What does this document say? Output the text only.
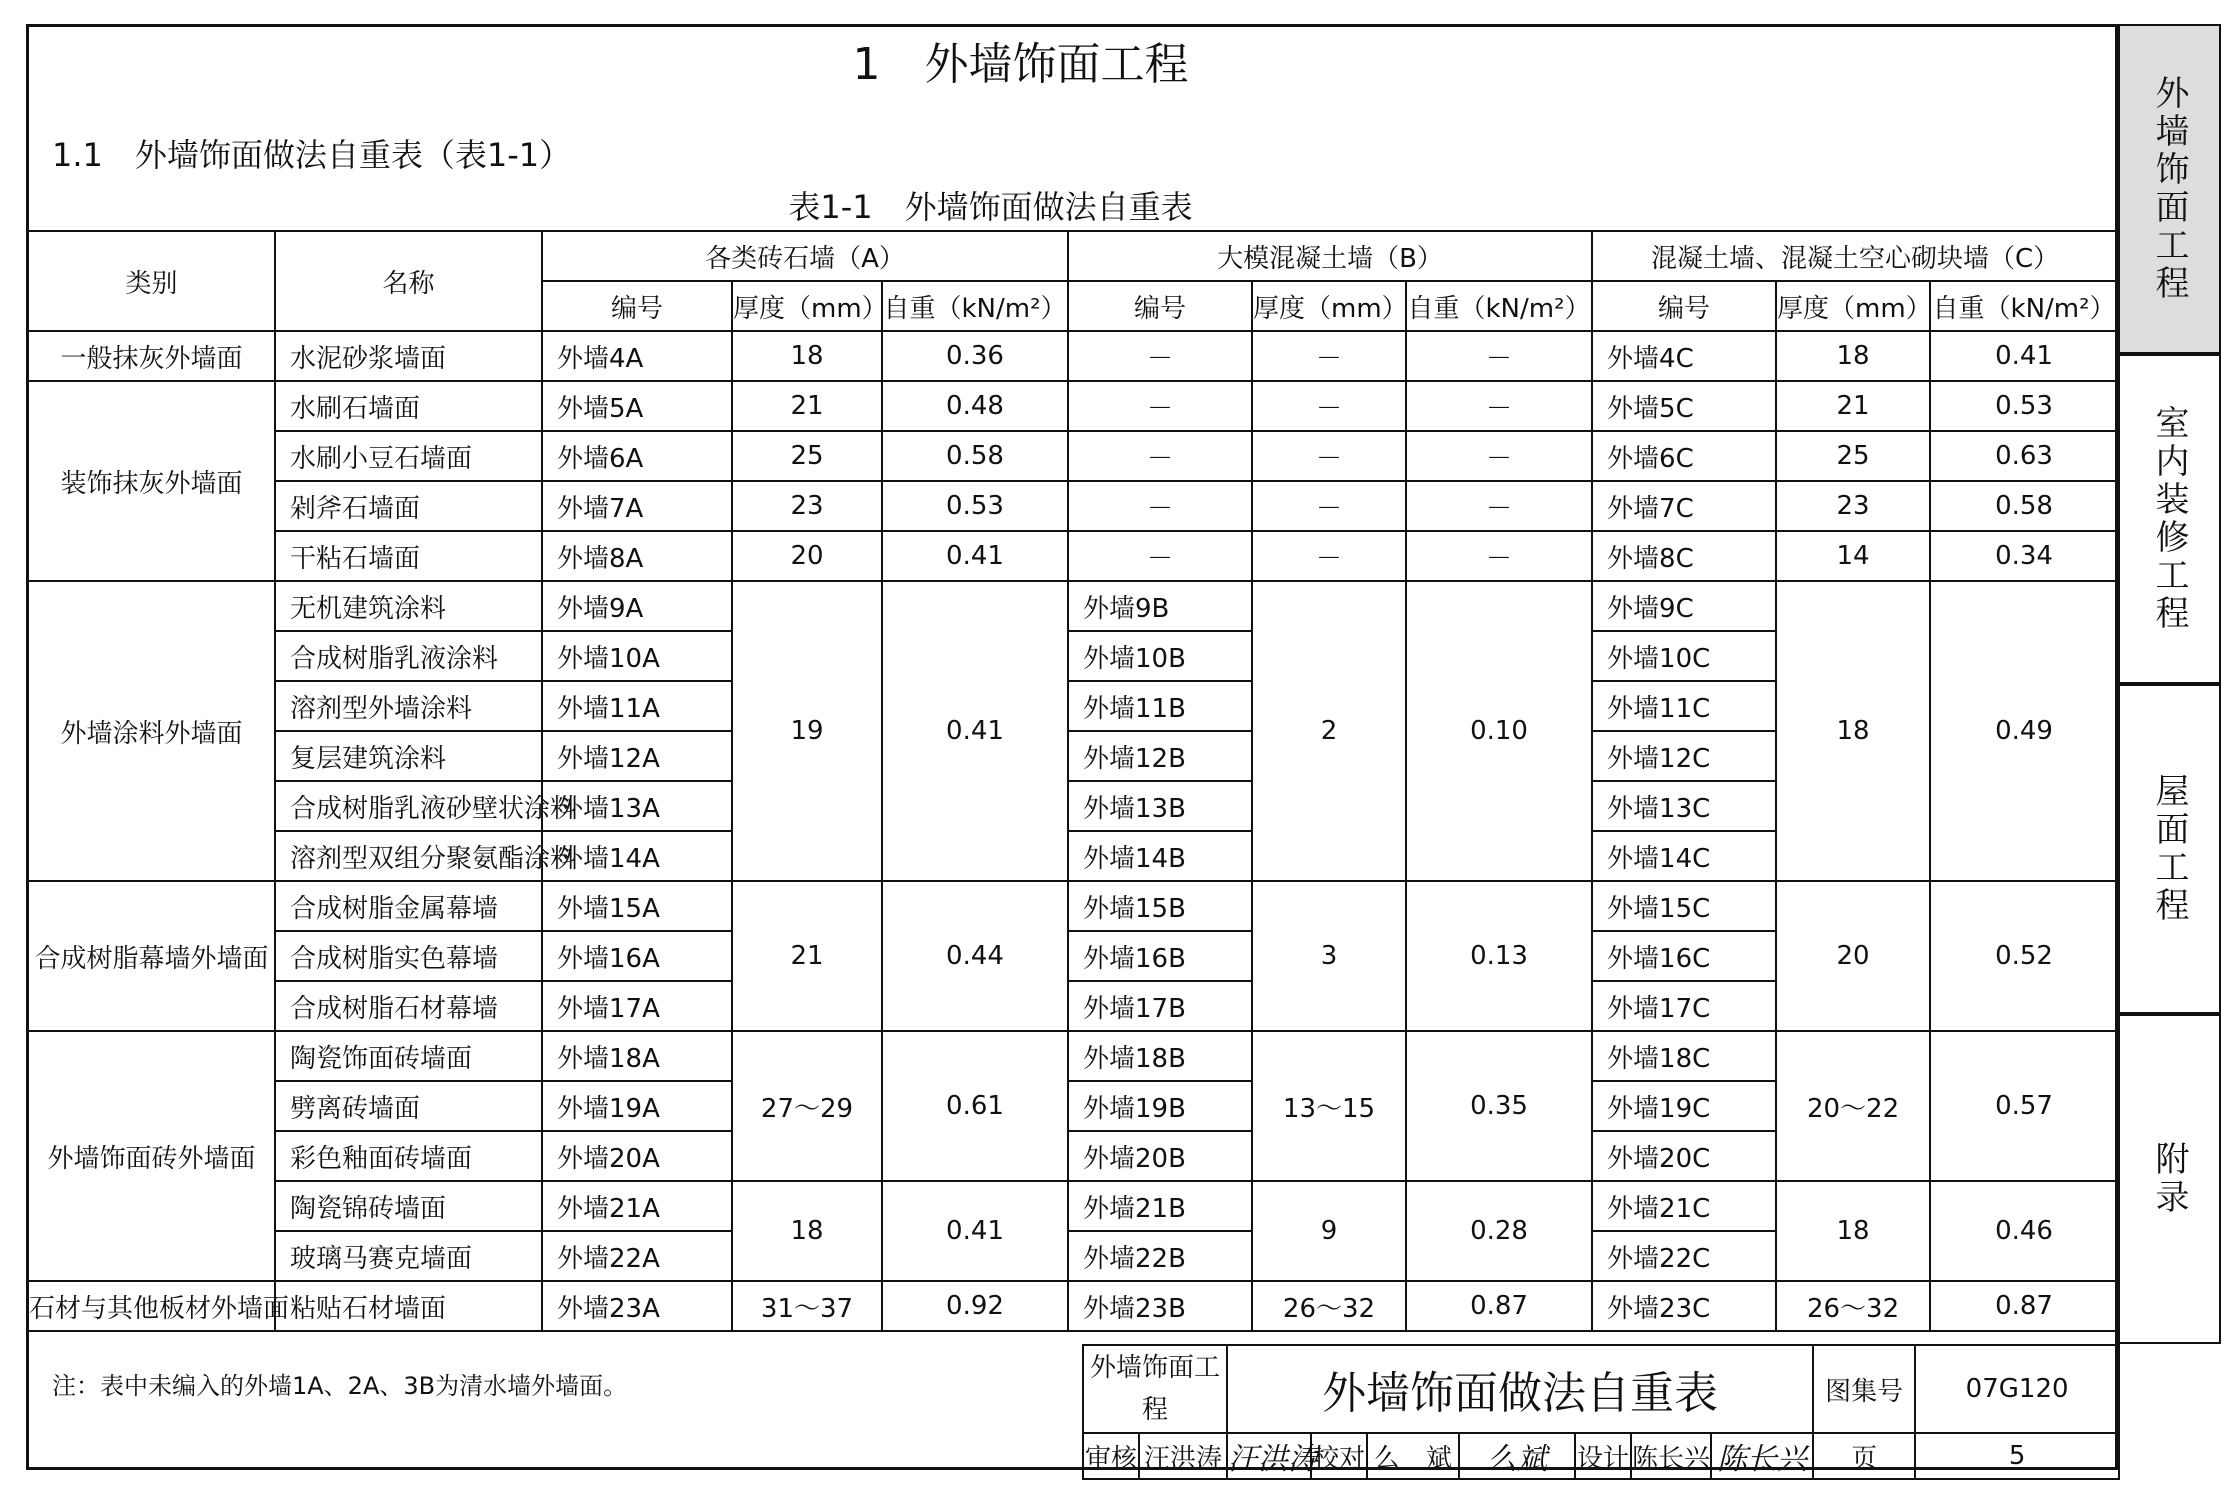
外墙饰面工程
室内装修工程
屋面工程
附录
1　外墙饰面工程
1.1　外墙饰面做法自重表（表1-1）
表1-1　外墙饰面做法自重表
类别	名称	各类砖石墙（A）			大模混凝土墙（B）			混凝土墙、混凝土空心砌块墙（C）		
		编号	厚度（mm）	自重（kN/m²）	编号	厚度（mm）	自重（kN/m²）	编号	厚度（mm）	自重（kN/m²）
一般抹灰外墙面	水泥砂浆墙面	外墙4A	18	0.36	－	－	－	外墙4C	18	0.41
装饰抹灰外墙面	水刷石墙面	外墙5A	21	0.48	－	－	－	外墙5C	21	0.53
	水刷小豆石墙面	外墙6A	25	0.58	－	－	－	外墙6C	25	0.63
	剁斧石墙面	外墙7A	23	0.53	－	－	－	外墙7C	23	0.58
	干粘石墙面	外墙8A	20	0.41	－	－	－	外墙8C	14	0.34
外墙涂料外墙面	无机建筑涂料	外墙9A	19	0.41	外墙9B	2	0.10	外墙9C	18	0.49
	合成树脂乳液涂料	外墙10A			外墙10B			外墙10C		
	溶剂型外墙涂料	外墙11A			外墙11B			外墙11C		
	复层建筑涂料	外墙12A			外墙12B			外墙12C		
	合成树脂乳液砂壁状涂料	外墙13A			外墙13B			外墙13C		
	溶剂型双组分聚氨酯涂料	外墙14A			外墙14B			外墙14C		
合成树脂幕墙外墙面	合成树脂金属幕墙	外墙15A	21	0.44	外墙15B	3	0.13	外墙15C	20	0.52
	合成树脂实色幕墙	外墙16A			外墙16B			外墙16C		
	合成树脂石材幕墙	外墙17A			外墙17B			外墙17C		
外墙饰面砖外墙面	陶瓷饰面砖墙面	外墙18A	27～29	0.61	外墙18B	13～15	0.35	外墙18C	20～22	0.57
	劈离砖墙面	外墙19A			外墙19B			外墙19C		
	彩色釉面砖墙面	外墙20A			外墙20B			外墙20C		
	陶瓷锦砖墙面	外墙21A	18	0.41	外墙21B	9	0.28	外墙21C	18	0.46
	玻璃马赛克墙面	外墙22A			外墙22B			外墙22C		
石材与其他板材外墙面	粘贴石材墙面	外墙23A	31～37	0.92	外墙23B	26～32	0.87	外墙23C	26～32	0.87
注：表中未编入的外墙1A、2A、3B为清水墙外墙面。
外墙饰面工程		外墙饰面做法自重表							图集号	07G120
审核	汪洪涛	汪洪涛	校对	么　斌	么斌	设计	陈长兴	陈长兴	页	5
